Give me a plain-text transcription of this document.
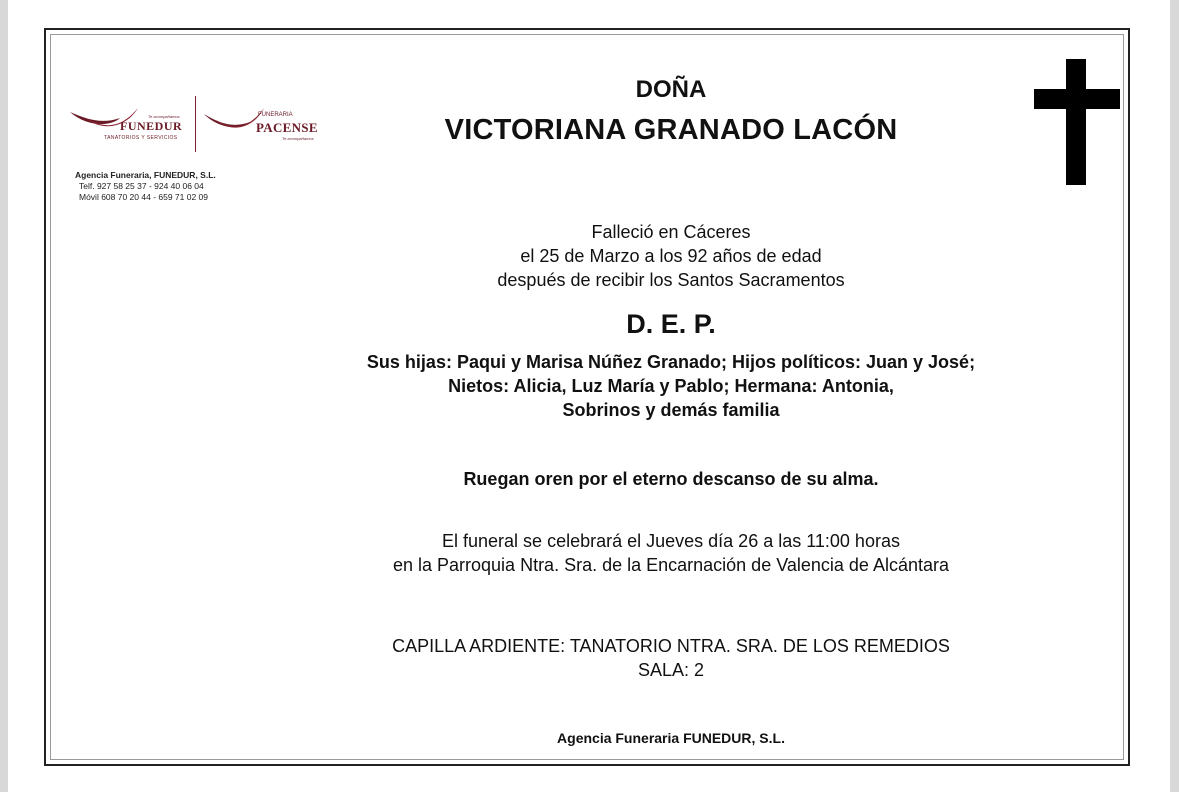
Te acompañamos
FUNEDUR
TANATORIOS Y SERVICIOS
FUNERARIA
PACENSE
Te acompañamos
Agencia Funeraria, FUNEDUR, S.L.
Telf. 927 58 25 37 - 924 40 06 04
Móvil 608 70 20 44 - 659 71 02 09
DOÑA
VICTORIANA GRANADO LACÓN
Falleció en Cáceres
el 25 de Marzo a los 92 años de edad
después de recibir los Santos Sacramentos
D. E. P.
Sus hijas: Paqui y Marisa Núñez Granado; Hijos políticos: Juan y José;
Nietos: Alicia, Luz María y Pablo; Hermana: Antonia,
Sobrinos y demás familia
Ruegan oren por el eterno descanso de su alma.
El funeral se celebrará el Jueves día 26 a las 11:00 horas
en la Parroquia Ntra. Sra. de la Encarnación de Valencia de Alcántara
CAPILLA ARDIENTE: TANATORIO NTRA. SRA. DE LOS REMEDIOS
SALA: 2
Agencia Funeraria FUNEDUR, S.L.
